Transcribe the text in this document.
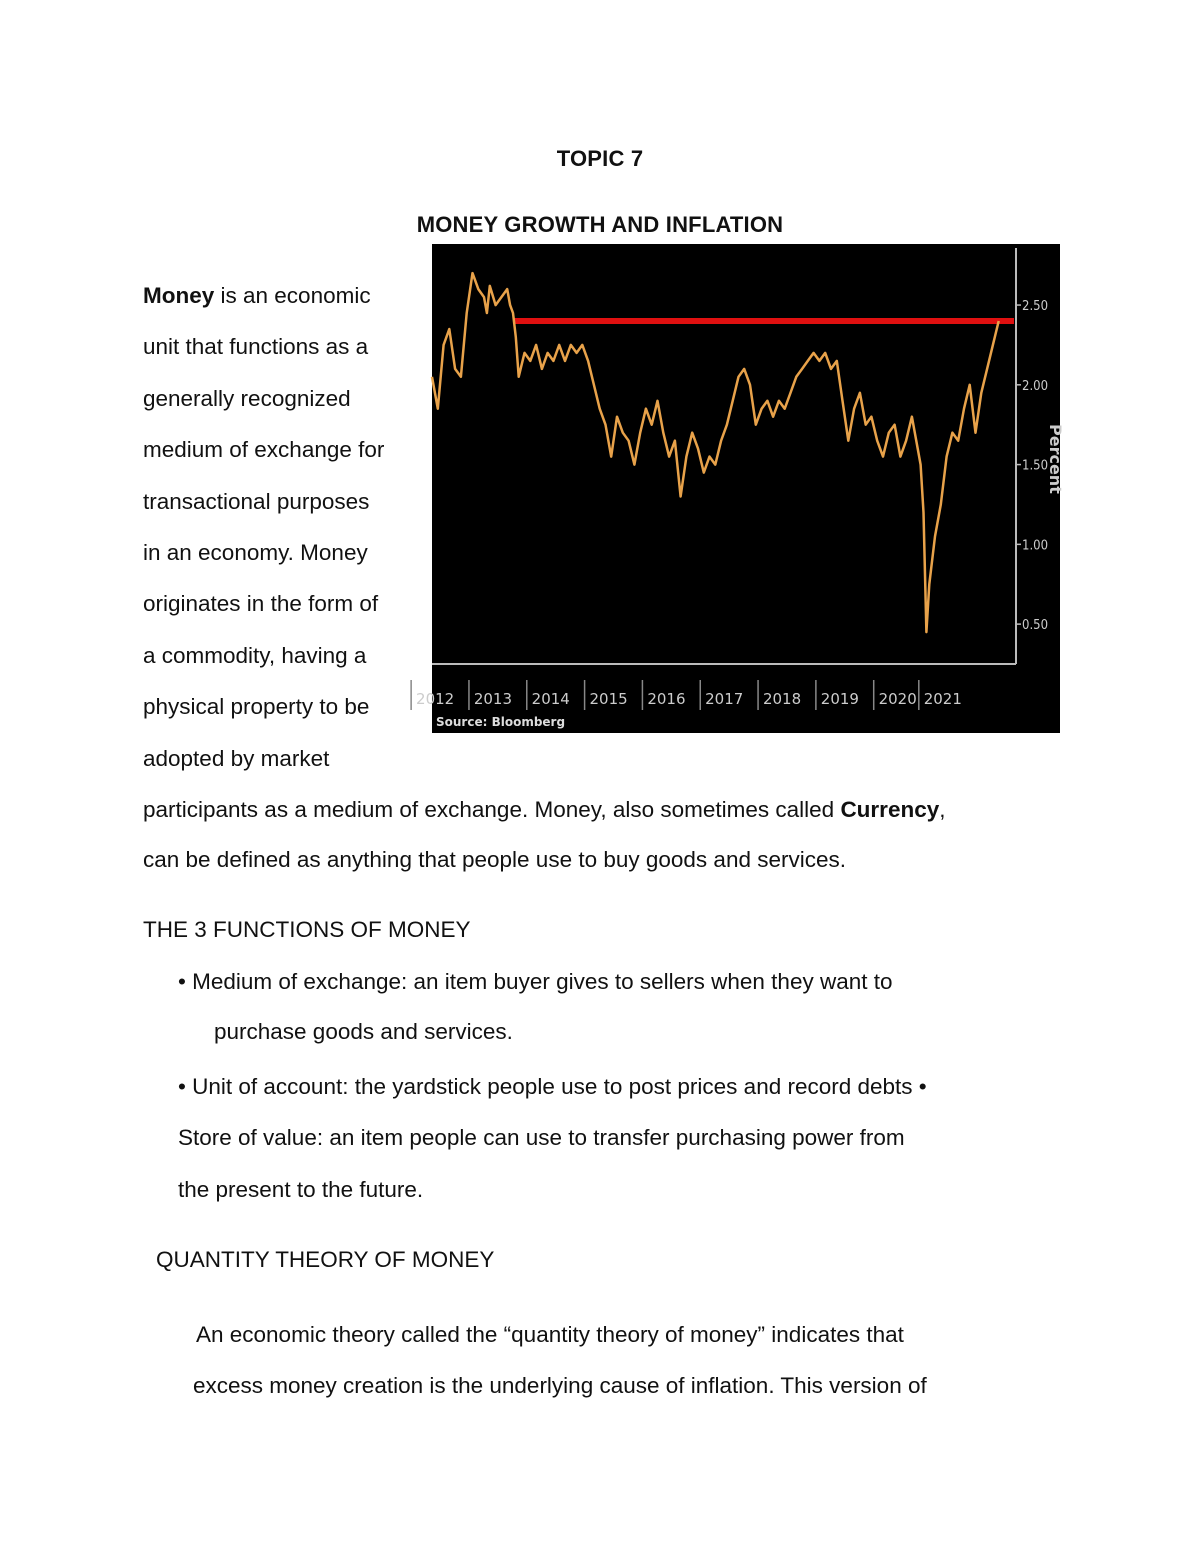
TOPIC 7
MONEY GROWTH AND INFLATION
Money is an economic
unit that functions as a
generally recognized
medium of exchange for
transactional purposes
in an economy. Money
originates in the form of
a commodity, having a
physical property to be
adopted by market
2.50
2.00
1.50
1.00
0.50
Percent
2012 2013 2014 2015 2016 2017 2018 2019 2020 2021
Source: Bloomberg
participants as a medium of exchange. Money, also sometimes called Currency,
can be defined as anything that people use to buy goods and services.
THE 3 FUNCTIONS OF MONEY
• Medium of exchange: an item buyer gives to sellers when they want to
purchase goods and services.
• Unit of account: the yardstick people use to post prices and record debts •
Store of value: an item people can use to transfer purchasing power from
the present to the future.
QUANTITY THEORY OF MONEY
An economic theory called the “quantity theory of money” indicates that
excess money creation is the underlying cause of inflation. This version of
